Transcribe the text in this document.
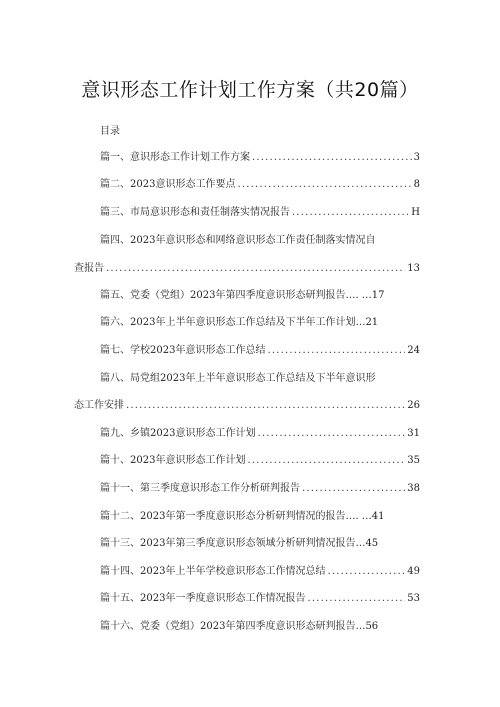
意识形态工作计划工作方案（共20篇）
目录
篇一、意识形态工作计划工作方案 .....	3
篇二、2023意识形态工作要点 .....	8
篇三、市局意识形态和责任制落实情况报告 .....	H
篇四、2023年意识形态和网络意识形态工作责任制落实情况自
查报告 .....	13
篇五、党委（党组）2023年第四季度意识形态研判报告…. …17
篇六、2023年上半年意识形态工作总结及下半年工作计划…21
篇七、学校2023年意识形态工作总结 .....	24
篇八、局党组2023年上半年意识形态工作总结及下半年意识形
态工作安排 .....	26
篇九、乡镇2023意识形态工作计划 .....	31
篇十、2023年意识形态工作计划 .....	35
篇十一、第三季度意识形态工作分析研判报告 .....	38
篇十二、2023年第一季度意识形态分析研判情况的报告…. …41
篇十三、2023年第三季度意识形态领域分析研判情况报告…45
篇十四、2023年上半年学校意识形态工作情况总结 .....	49
篇十五、2023年一季度意识形态工作情况报告 .....	53
篇十六、党委（党组）2023年第四季度意识形态研判报告…56
